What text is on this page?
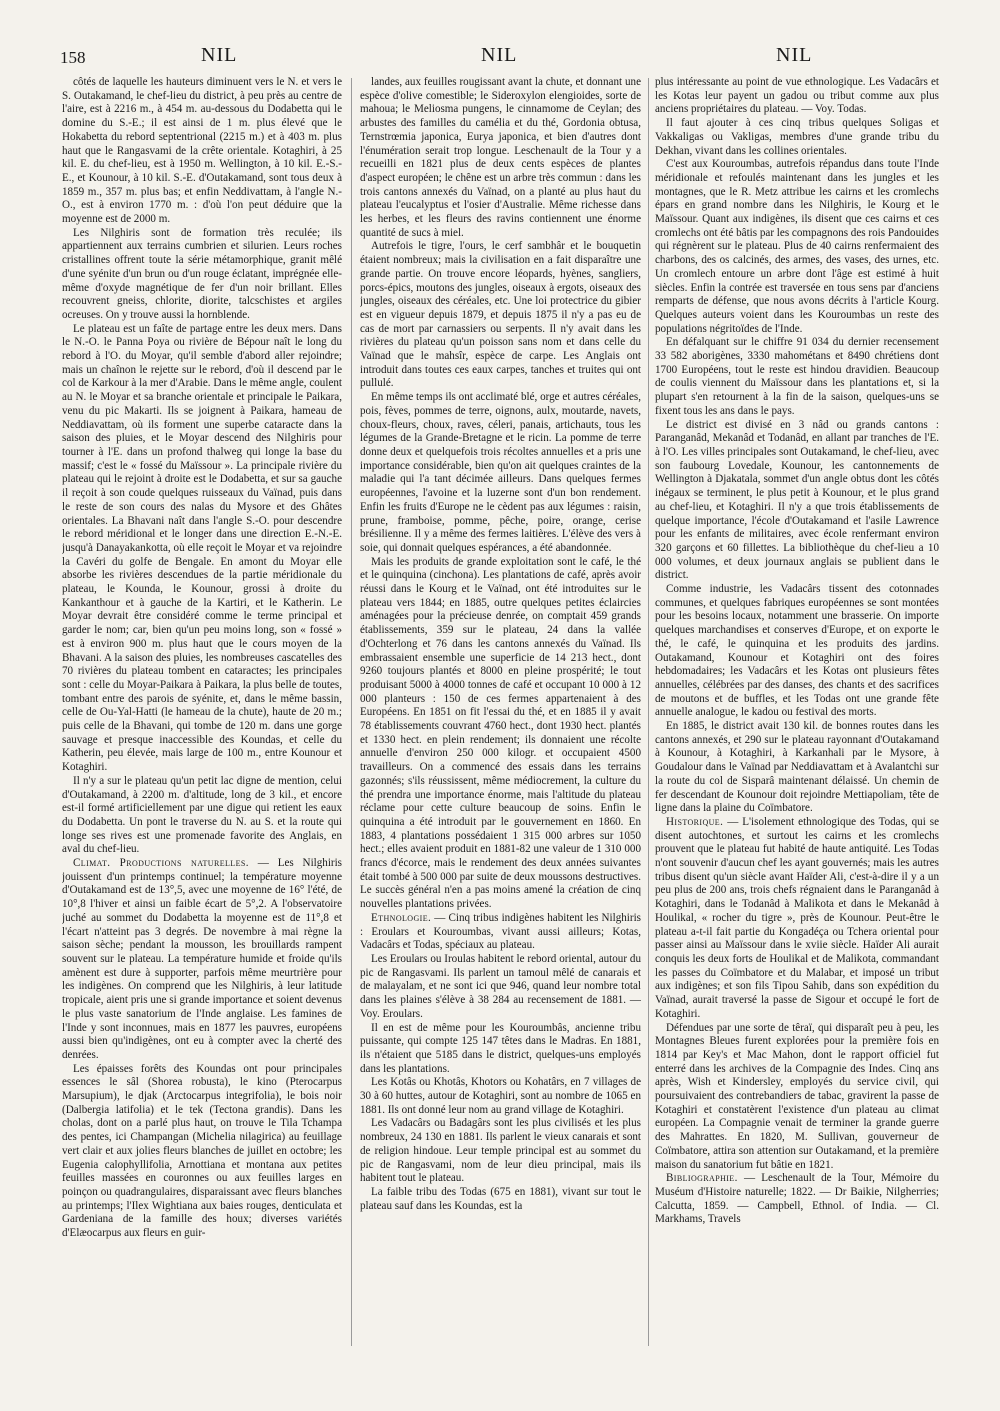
158	NIL	NIL	NIL

côtés de laquelle les hauteurs diminuent vers le N. et vers le S. Outakamand, le chef-lieu du district, à peu près au centre de l'aire, est à 2216 m., à 454 m. au-dessous du Dodabetta qui le domine du S.-E.; il est ainsi de 1 m. plus élevé que le Hokabetta du rebord septentrional (2215 m.) et à 403 m. plus haut que le Rangasvami de la crête orientale. Kotaghiri, à 25 kil. E. du chef-lieu, est à 1950 m. Wellington, à 10 kil. E.-S.-E., et Kounour, à 10 kil. S.-E. d'Outakamand, sont tous deux à 1859 m., 357 m. plus bas; et enfin Neddivattam, à l'angle N.-O., est à environ 1770 m. : d'où l'on peut déduire que la moyenne est de 2000 m.

Les Nilghiris sont de formation très reculée; ils appartiennent aux terrains cumbrien et silurien. Leurs roches cristallines offrent toute la série métamorphique, granit mêlé d'une syénite d'un brun ou d'un rouge éclatant, imprégnée elle-même d'oxyde magnétique de fer d'un noir brillant. Elles recouvrent gneiss, chlorite, diorite, talcschistes et argiles ocreuses. On y trouve aussi la hornblende.

Le plateau est un faîte de partage entre les deux mers. Dans le N.-O. le Panna Poya ou rivière de Bépour naît le long du rebord à l'O. du Moyar, qu'il semble d'abord aller rejoindre; mais un chaînon le rejette sur le rebord, d'où il descend par le col de Karkour à la mer d'Arabie. Dans le même angle, coulent au N. le Moyar et sa branche orientale et principale le Paikara, venu du pic Makarti. Ils se joignent à Paikara, hameau de Neddiavattam, où ils forment une superbe cataracte dans la saison des pluies, et le Moyar descend des Nilghiris pour tourner à l'E. dans un profond thalweg qui longe la base du massif; c'est le « fossé du Maïssour ». La principale rivière du plateau qui le rejoint à droite est le Dodabetta, et sur sa gauche il reçoit à son coude quelques ruisseaux du Vaïnad, puis dans le reste de son cours des nalas du Mysore et des Ghâtes orientales. La Bhavani naît dans l'angle S.-O. pour descendre le rebord méridional et le longer dans une direction E.-N.-E. jusqu'à Danayakankotta, où elle reçoit le Moyar et va rejoindre la Cavéri du golfe de Bengale. En amont du Moyar elle absorbe les rivières descendues de la partie méridionale du plateau, le Kounda, le Kounour, grossi à droite du Kankanthour et à gauche de la Kartiri, et le Katherin. Le Moyar devrait être considéré comme le terme principal et garder le nom; car, bien qu'un peu moins long, son « fossé » est à environ 900 m. plus haut que le cours moyen de la Bhavani. A la saison des pluies, les nombreuses cascatelles des 70 rivières du plateau tombent en cataractes; les principales sont : celle du Moyar-Paikara à Paikara, la plus belle de toutes, tombant entre des parois de syénite, et, dans le même bassin, celle de Ou-Yal-Hatti (le hameau de la chute), haute de 20 m.; puis celle de la Bhavani, qui tombe de 120 m. dans une gorge sauvage et presque inaccessible des Koundas, et celle du Katherin, peu élevée, mais large de 100 m., entre Kounour et Kotaghiri.

Il n'y a sur le plateau qu'un petit lac digne de mention, celui d'Outakamand, à 2200 m. d'altitude, long de 3 kil., et encore est-il formé artificiellement par une digue qui retient les eaux du Dodabetta. Un pont le traverse du N. au S. et la route qui longe ses rives est une promenade favorite des Anglais, en aval du chef-lieu.

Climat. Productions naturelles. — Les Nilghiris jouissent d'un printemps continuel; la température moyenne d'Outakamand est de 13°,5, avec une moyenne de 16° l'été, de 10°,8 l'hiver et ainsi un faible écart de 5°,2. A l'observatoire juché au sommet du Dodabetta la moyenne est de 11°,8 et l'écart n'atteint pas 3 degrés. De novembre à mai règne la saison sèche; pendant la mousson, les brouillards rampent souvent sur le plateau. La température humide et froide qu'ils amènent est dure à supporter, parfois même meurtrière pour les indigènes. On comprend que les Nilghiris, à leur latitude tropicale, aient pris une si grande importance et soient devenus le plus vaste sanatorium de l'Inde anglaise. Les famines de l'Inde y sont inconnues, mais en 1877 les pauvres, européens aussi bien qu'indigènes, ont eu à compter avec la cherté des denrées.

Les épaisses forêts des Koundas ont pour principales essences le sâl (Shorea robusta), le kino (Pterocarpus Marsupium), le djak (Arctocarpus integrifolia), le bois noir (Dalbergia latifolia) et le tek (Tectona grandis). Dans les cholas, dont on a parlé plus haut, on trouve le Tila Tchampa des pentes, ici Champangan (Michelia nilagirica) au feuillage vert clair et aux jolies fleurs blanches de juillet en octobre; les Eugenia calophyllifolia, Arnottiana et montana aux petites feuilles massées en couronnes ou aux feuilles larges en poinçon ou quadrangulaires, disparaissant avec fleurs blanches au printemps; l'Ilex Wightiana aux baies rouges, denticulata et Gardeniana de la famille des houx; diverses variétés d'Elæocarpus aux fleurs en guir-

landes, aux feuilles rougissant avant la chute, et donnant une espèce d'olive comestible; le Sideroxylon elengioides, sorte de mahoua; le Meliosma pungens, le cinnamome de Ceylan; des arbustes des familles du camélia et du thé, Gordonia obtusa, Ternstrœmia japonica, Eurya japonica, et bien d'autres dont l'énumération serait trop longue. Leschenault de la Tour y a recueilli en 1821 plus de deux cents espèces de plantes d'aspect européen; le chêne est un arbre très commun : dans les trois cantons annexés du Vaïnad, on a planté au plus haut du plateau l'eucalyptus et l'osier d'Australie. Même richesse dans les herbes, et les fleurs des ravins contiennent une énorme quantité de sucs à miel.

Autrefois le tigre, l'ours, le cerf sambhâr et le bouquetin étaient nombreux; mais la civilisation en a fait disparaître une grande partie. On trouve encore léopards, hyènes, sangliers, porcs-épics, moutons des jungles, oiseaux à ergots, oiseaux des jungles, oiseaux des céréales, etc. Une loi protectrice du gibier est en vigueur depuis 1879, et depuis 1875 il n'y a pas eu de cas de mort par carnassiers ou serpents. Il n'y avait dans les rivières du plateau qu'un poisson sans nom et dans celle du Vaïnad que le mahsîr, espèce de carpe. Les Anglais ont introduit dans toutes ces eaux carpes, tanches et truites qui ont pullulé.

En même temps ils ont acclimaté blé, orge et autres céréales, pois, fèves, pommes de terre, oignons, aulx, moutarde, navets, choux-fleurs, choux, raves, céleri, panais, artichauts, tous les légumes de la Grande-Bretagne et le ricin. La pomme de terre donne deux et quelquefois trois récoltes annuelles et a pris une importance considérable, bien qu'on ait quelques craintes de la maladie qui l'a tant décimée ailleurs. Dans quelques fermes européennes, l'avoine et la luzerne sont d'un bon rendement. Enfin les fruits d'Europe ne le cèdent pas aux légumes : raisin, prune, framboise, pomme, pêche, poire, orange, cerise brésilienne. Il y a même des fermes laitières. L'élève des vers à soie, qui donnait quelques espérances, a été abandonnée.

Mais les produits de grande exploitation sont le café, le thé et le quinquina (cinchona). Les plantations de café, après avoir réussi dans le Kourg et le Vaïnad, ont été introduites sur le plateau vers 1844; en 1885, outre quelques petites éclaircies aménagées pour la précieuse denrée, on comptait 459 grands établissements, 359 sur le plateau, 24 dans la vallée d'Ochterlong et 76 dans les cantons annexés du Vaïnad. Ils embrassaient ensemble une superficie de 14 213 hect., dont 9260 toujours plantés et 8000 en pleine prospérité; le tout produisant 5000 à 4000 tonnes de café et occupant 10 000 à 12 000 planteurs : 150 de ces fermes appartenaient à des Européens. En 1851 on fit l'essai du thé, et en 1885 il y avait 78 établissements couvrant 4760 hect., dont 1930 hect. plantés et 1330 hect. en plein rendement; ils donnaient une récolte annuelle d'environ 250 000 kilogr. et occupaient 4500 travailleurs. On a commencé des essais dans les terrains gazonnés; s'ils réussissent, même médiocrement, la culture du thé prendra une importance énorme, mais l'altitude du plateau réclame pour cette culture beaucoup de soins. Enfin le quinquina a été introduit par le gouvernement en 1860. En 1883, 4 plantations possédaient 1 315 000 arbres sur 1050 hect.; elles avaient produit en 1881-82 une valeur de 1 310 000 francs d'écorce, mais le rendement des deux années suivantes était tombé à 500 000 par suite de deux moussons destructives. Le succès général n'en a pas moins amené la création de cinq nouvelles plantations privées.

Ethnologie. — Cinq tribus indigènes habitent les Nilghiris : Eroulars et Kouroumbas, vivant aussi ailleurs; Kotas, Vadacârs et Todas, spéciaux au plateau.

Les Eroulars ou Iroulas habitent le rebord oriental, autour du pic de Rangasvami. Ils parlent un tamoul mêlé de canarais et de malayalam, et ne sont ici que 946, quand leur nombre total dans les plaines s'élève à 38 284 au recensement de 1881. — Voy. Eroulars.

Il en est de même pour les Kouroumbâs, ancienne tribu puissante, qui compte 125 147 têtes dans le Madras. En 1881, ils n'étaient que 5185 dans le district, quelques-uns employés dans les plantations.

Les Kotâs ou Khotâs, Khotors ou Kohatârs, en 7 villages de 30 à 60 huttes, autour de Kotaghiri, sont au nombre de 1065 en 1881. Ils ont donné leur nom au grand village de Kotaghiri.

Les Vadacârs ou Badagârs sont les plus civilisés et les plus nombreux, 24 130 en 1881. Ils parlent le vieux canarais et sont de religion hindoue. Leur temple principal est au sommet du pic de Rangasvami, nom de leur dieu principal, mais ils habitent tout le plateau.

La faible tribu des Todas (675 en 1881), vivant sur tout le plateau sauf dans les Koundas, est la

plus intéressante au point de vue ethnologique. Les Vadacârs et les Kotas leur payent un gadou ou tribut comme aux plus anciens propriétaires du plateau. — Voy. Todas.

Il faut ajouter à ces cinq tribus quelques Soligas et Vakkaligas ou Vakligas, membres d'une grande tribu du Dekhan, vivant dans les collines orientales.

C'est aux Kouroumbas, autrefois répandus dans toute l'Inde méridionale et refoulés maintenant dans les jungles et les montagnes, que le R. Metz attribue les cairns et les cromlechs épars en grand nombre dans les Nilghiris, le Kourg et le Maïssour. Quant aux indigènes, ils disent que ces cairns et ces cromlechs ont été bâtis par les compagnons des rois Pandouides qui régnèrent sur le plateau. Plus de 40 cairns renfermaient des charbons, des os calcinés, des armes, des vases, des urnes, etc. Un cromlech entoure un arbre dont l'âge est estimé à huit siècles. Enfin la contrée est traversée en tous sens par d'anciens remparts de défense, que nous avons décrits à l'article Kourg. Quelques auteurs voient dans les Kouroumbas un reste des populations négritoïdes de l'Inde.

En défalquant sur le chiffre 91 034 du dernier recensement 33 582 aborigènes, 3330 mahométans et 8490 chrétiens dont 1700 Européens, tout le reste est hindou dravidien. Beaucoup de coulis viennent du Maïssour dans les plantations et, si la plupart s'en retournent à la fin de la saison, quelques-uns se fixent tous les ans dans le pays.

Le district est divisé en 3 nâd ou grands cantons : Paranganâd, Mekanâd et Todanâd, en allant par tranches de l'E. à l'O. Les villes principales sont Outakamand, le chef-lieu, avec son faubourg Lovedale, Kounour, les cantonnements de Wellington à Djakatala, sommet d'un angle obtus dont les côtés inégaux se terminent, le plus petit à Kounour, et le plus grand au chef-lieu, et Kotaghiri. Il n'y a que trois établissements de quelque importance, l'école d'Outakamand et l'asile Lawrence pour les enfants de militaires, avec école renfermant environ 320 garçons et 60 fillettes. La bibliothèque du chef-lieu a 10 000 volumes, et deux journaux anglais se publient dans le district.

Comme industrie, les Vadacârs tissent des cotonnades communes, et quelques fabriques européennes se sont montées pour les besoins locaux, notamment une brasserie. On importe quelques marchandises et conserves d'Europe, et on exporte le thé, le café, le quinquina et les produits des jardins. Outakamand, Kounour et Kotaghiri ont des foires hebdomadaires; les Vadacârs et les Kotas ont plusieurs fêtes annuelles, célébrées par des danses, des chants et des sacrifices de moutons et de buffles, et les Todas ont une grande fête annuelle analogue, le kadou ou festival des morts.

En 1885, le district avait 130 kil. de bonnes routes dans les cantons annexés, et 290 sur le plateau rayonnant d'Outakamand à Kounour, à Kotaghiri, à Karkanhali par le Mysore, à Goudalour dans le Vaïnad par Neddiavattam et à Avalantchi sur la route du col de Sisparâ maintenant délaissé. Un chemin de fer descendant de Kounour doit rejoindre Mettiapoliam, tête de ligne dans la plaine du Coïmbatore.

Historique. — L'isolement ethnologique des Todas, qui se disent autochtones, et surtout les cairns et les cromlechs prouvent que le plateau fut habité de haute antiquité. Les Todas n'ont souvenir d'aucun chef les ayant gouvernés; mais les autres tribus disent qu'un siècle avant Haïder Ali, c'est-à-dire il y a un peu plus de 200 ans, trois chefs régnaient dans le Paranganâd à Kotaghiri, dans le Todanâd à Malikota et dans le Mekanâd à Houlikal, « rocher du tigre », près de Kounour. Peut-être le plateau a-t-il fait partie du Kongadéça ou Tchera oriental pour passer ainsi au Maïssour dans le xviie siècle. Haïder Ali aurait conquis les deux forts de Houlikal et de Malikota, commandant les passes du Coïmbatore et du Malabar, et imposé un tribut aux indigènes; et son fils Tipou Sahib, dans son expédition du Vaïnad, aurait traversé la passe de Sigour et occupé le fort de Kotaghiri.

Défendues par une sorte de têraï, qui disparaît peu à peu, les Montagnes Bleues furent explorées pour la première fois en 1814 par Key's et Mac Mahon, dont le rapport officiel fut enterré dans les archives de la Compagnie des Indes. Cinq ans après, Wish et Kindersley, employés du service civil, qui poursuivaient des contrebandiers de tabac, gravirent la passe de Kotaghiri et constatèrent l'existence d'un plateau au climat européen. La Compagnie venait de terminer la grande guerre des Mahrattes. En 1820, M. Sullivan, gouverneur de Coïmbatore, attira son attention sur Outakamand, et la première maison du sanatorium fut bâtie en 1821.

Bibliographie. — Leschenault de la Tour, Mémoire du Muséum d'Histoire naturelle; 1822. — Dr Baikie, Nilgherries; Calcutta, 1859. — Campbell, Ethnol. of India. — Cl. Markhams, Travels
